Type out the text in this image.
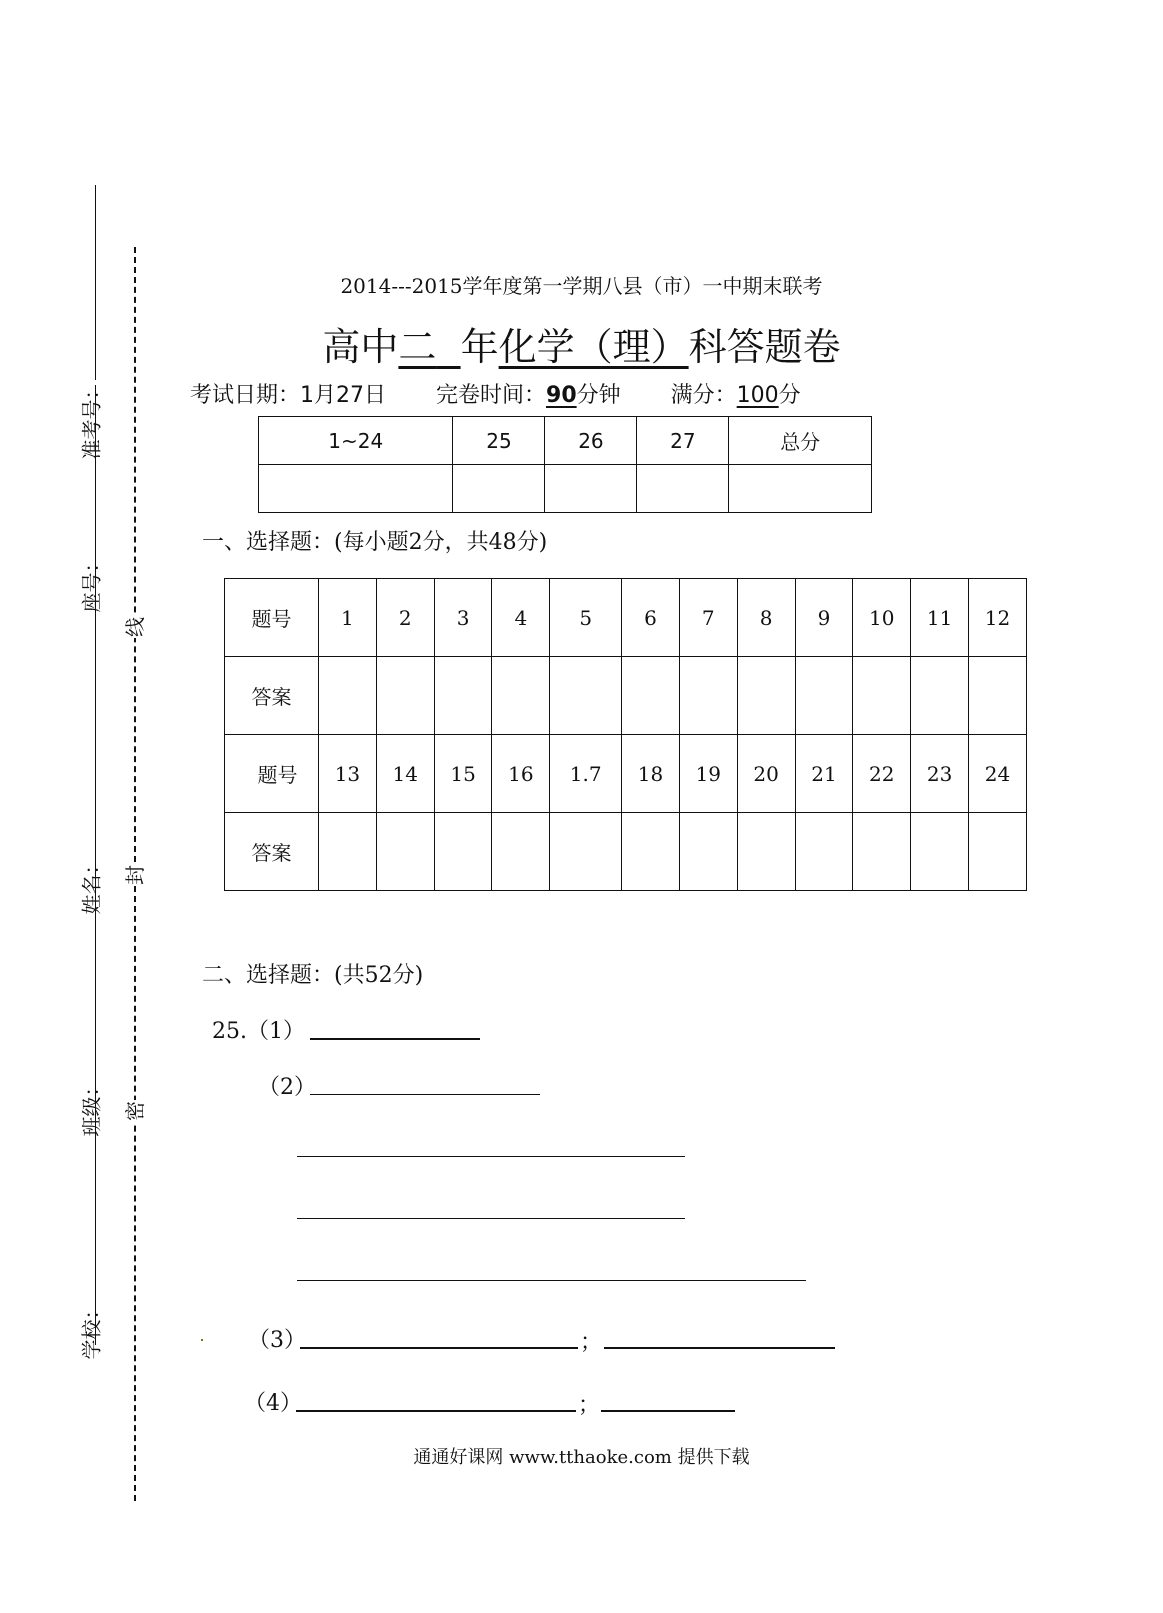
准考号：
座号：
姓名：
班级：
学校：
线
封
密
2014---2015学年度第一学期八县（市）一中期末联考
高中二 年化学（理）科答题卷
考试日期：1月27日 完卷时间：90分钟 满分：100分
1~24	25	26	27	总分

一、选择题：(每小题2分，共48分)
题号	1	2	3	4	5	6	7	8	9	10	11	12
答案												
题号	13	14	15	16	1.7	18	19	20	21	22	23	24
答案												
二、选择题：(共52分)
25.（1）
（2）
（3）	；
（4）	；
通通好课网 www.tthaoke.com 提供下载
